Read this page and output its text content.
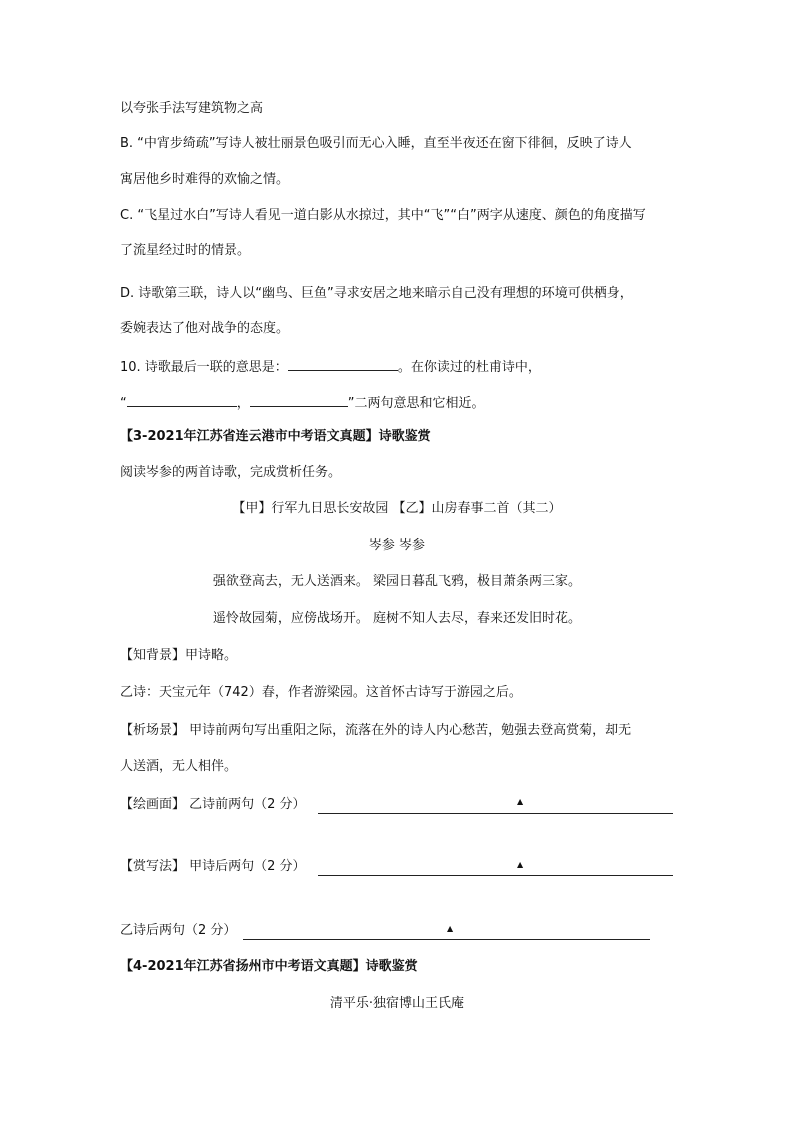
以夸张手法写建筑物之高
B. “中宵步绮疏”写诗人被壮丽景色吸引而无心入睡，直至半夜还在窗下徘徊，反映了诗人
寓居他乡时难得的欢愉之情。
C. “飞星过水白”写诗人看见一道白影从水掠过，其中“飞”“白”两字从速度、颜色的角度描写
了流星经过时的情景。
D. 诗歌第三联，诗人以“幽鸟、巨鱼”寻求安居之地来暗示自己没有理想的环境可供栖身，
委婉表达了他对战争的态度。
10. 诗歌最后一联的意思是：	。在你读过的杜甫诗中，
“	，	”二两句意思和它相近。
【3-2021年江苏省连云港市中考语文真题】诗歌鉴赏
阅读岑参的两首诗歌，完成赏析任务。
【甲】行军九日思长安故园 【乙】山房春事二首（其二）
岑参 岑参
强欲登高去，无人送酒来。 梁园日暮乱飞鸦，极目萧条两三家。
遥怜故园菊，应傍战场开。 庭树不知人去尽，春来还发旧时花。
【知背景】甲诗略。
乙诗：天宝元年（742）春，作者游梁园。这首怀古诗写于游园之后。
【析场景】 甲诗前两句写出重阳之际，流落在外的诗人内心愁苦，勉强去登高赏菊，却无
人送酒，无人相伴。
【绘画面】 乙诗前两句（2 分）	▲
【赏写法】 甲诗后两句（2 分）	▲
乙诗后两句（2 分）	▲
【4-2021年江苏省扬州市中考语文真题】诗歌鉴赏
清平乐·独宿博山王氏庵
